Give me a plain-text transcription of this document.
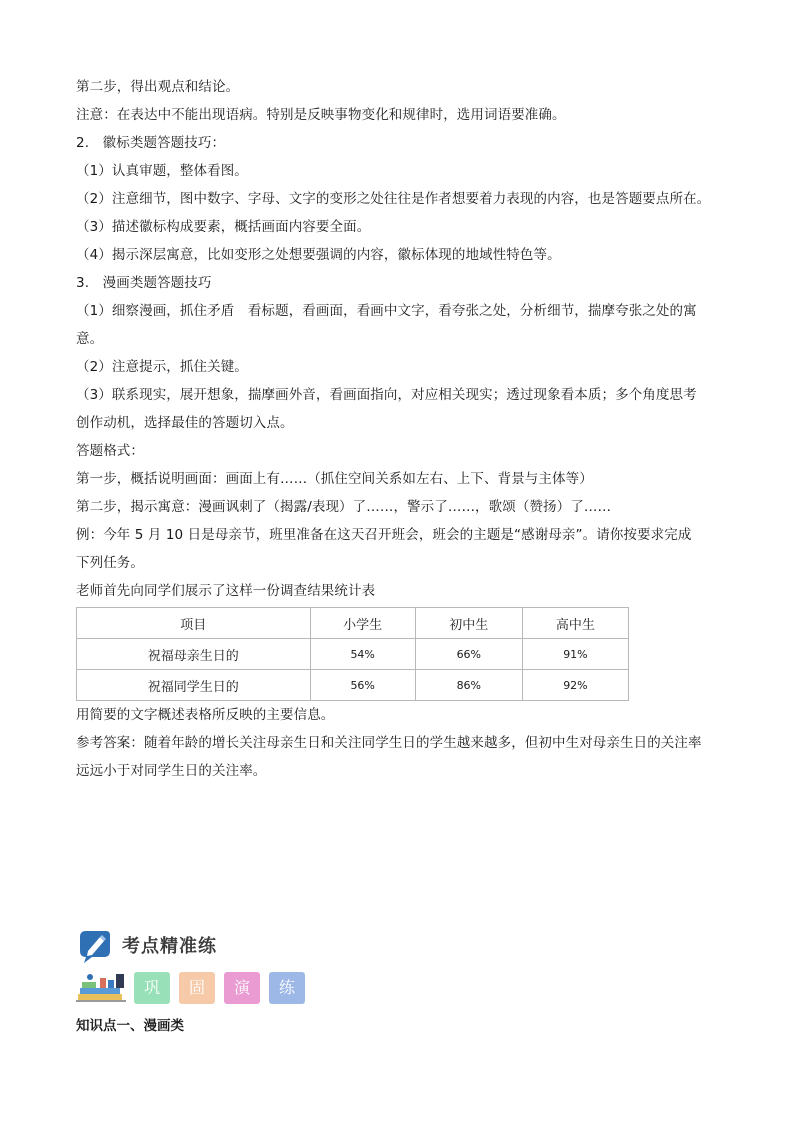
第二步，得出观点和结论。

注意：在表达中不能出现语病。特别是反映事物变化和规律时，选用词语要准确。

2.　徽标类题答题技巧：

（1）认真审题，整体看图。

（2）注意细节，图中数字、字母、文字的变形之处往往是作者想要着力表现的内容，也是答题要点所在。

（3）描述徽标构成要素，概括画面内容要全面。

（4）揭示深层寓意，比如变形之处想要强调的内容，徽标体现的地域性特色等。

3.　漫画类题答题技巧

（1）细察漫画，抓住矛盾　看标题，看画面，看画中文字，看夸张之处，分析细节，揣摩夸张之处的寓

意。

（2）注意提示，抓住关键。

（3）联系现实，展开想象，揣摩画外音，看画面指向，对应相关现实；透过现象看本质；多个角度思考

创作动机，选择最佳的答题切入点。

答题格式：

第一步，概括说明画面：画面上有……（抓住空间关系如左右、上下、背景与主体等）

第二步，揭示寓意：漫画讽刺了（揭露/表现）了……，警示了……，歌颂（赞扬）了……

例：今年 5 月 10 日是母亲节，班里准备在这天召开班会，班会的主题是“感谢母亲”。请你按要求完成

下列任务。

老师首先向同学们展示了这样一份调查结果统计表

项目	小学生	初中生	高中生
祝福母亲生日的	54%	66%	91%
祝福同学生日的	56%	86%	92%

用简要的文字概述表格所反映的主要信息。

参考答案：随着年龄的增长关注母亲生日和关注同学生日的学生越来越多，但初中生对母亲生日的关注率

远远小于对同学生日的关注率。

考点精准练
巩	固	演	练
知识点一、漫画类
